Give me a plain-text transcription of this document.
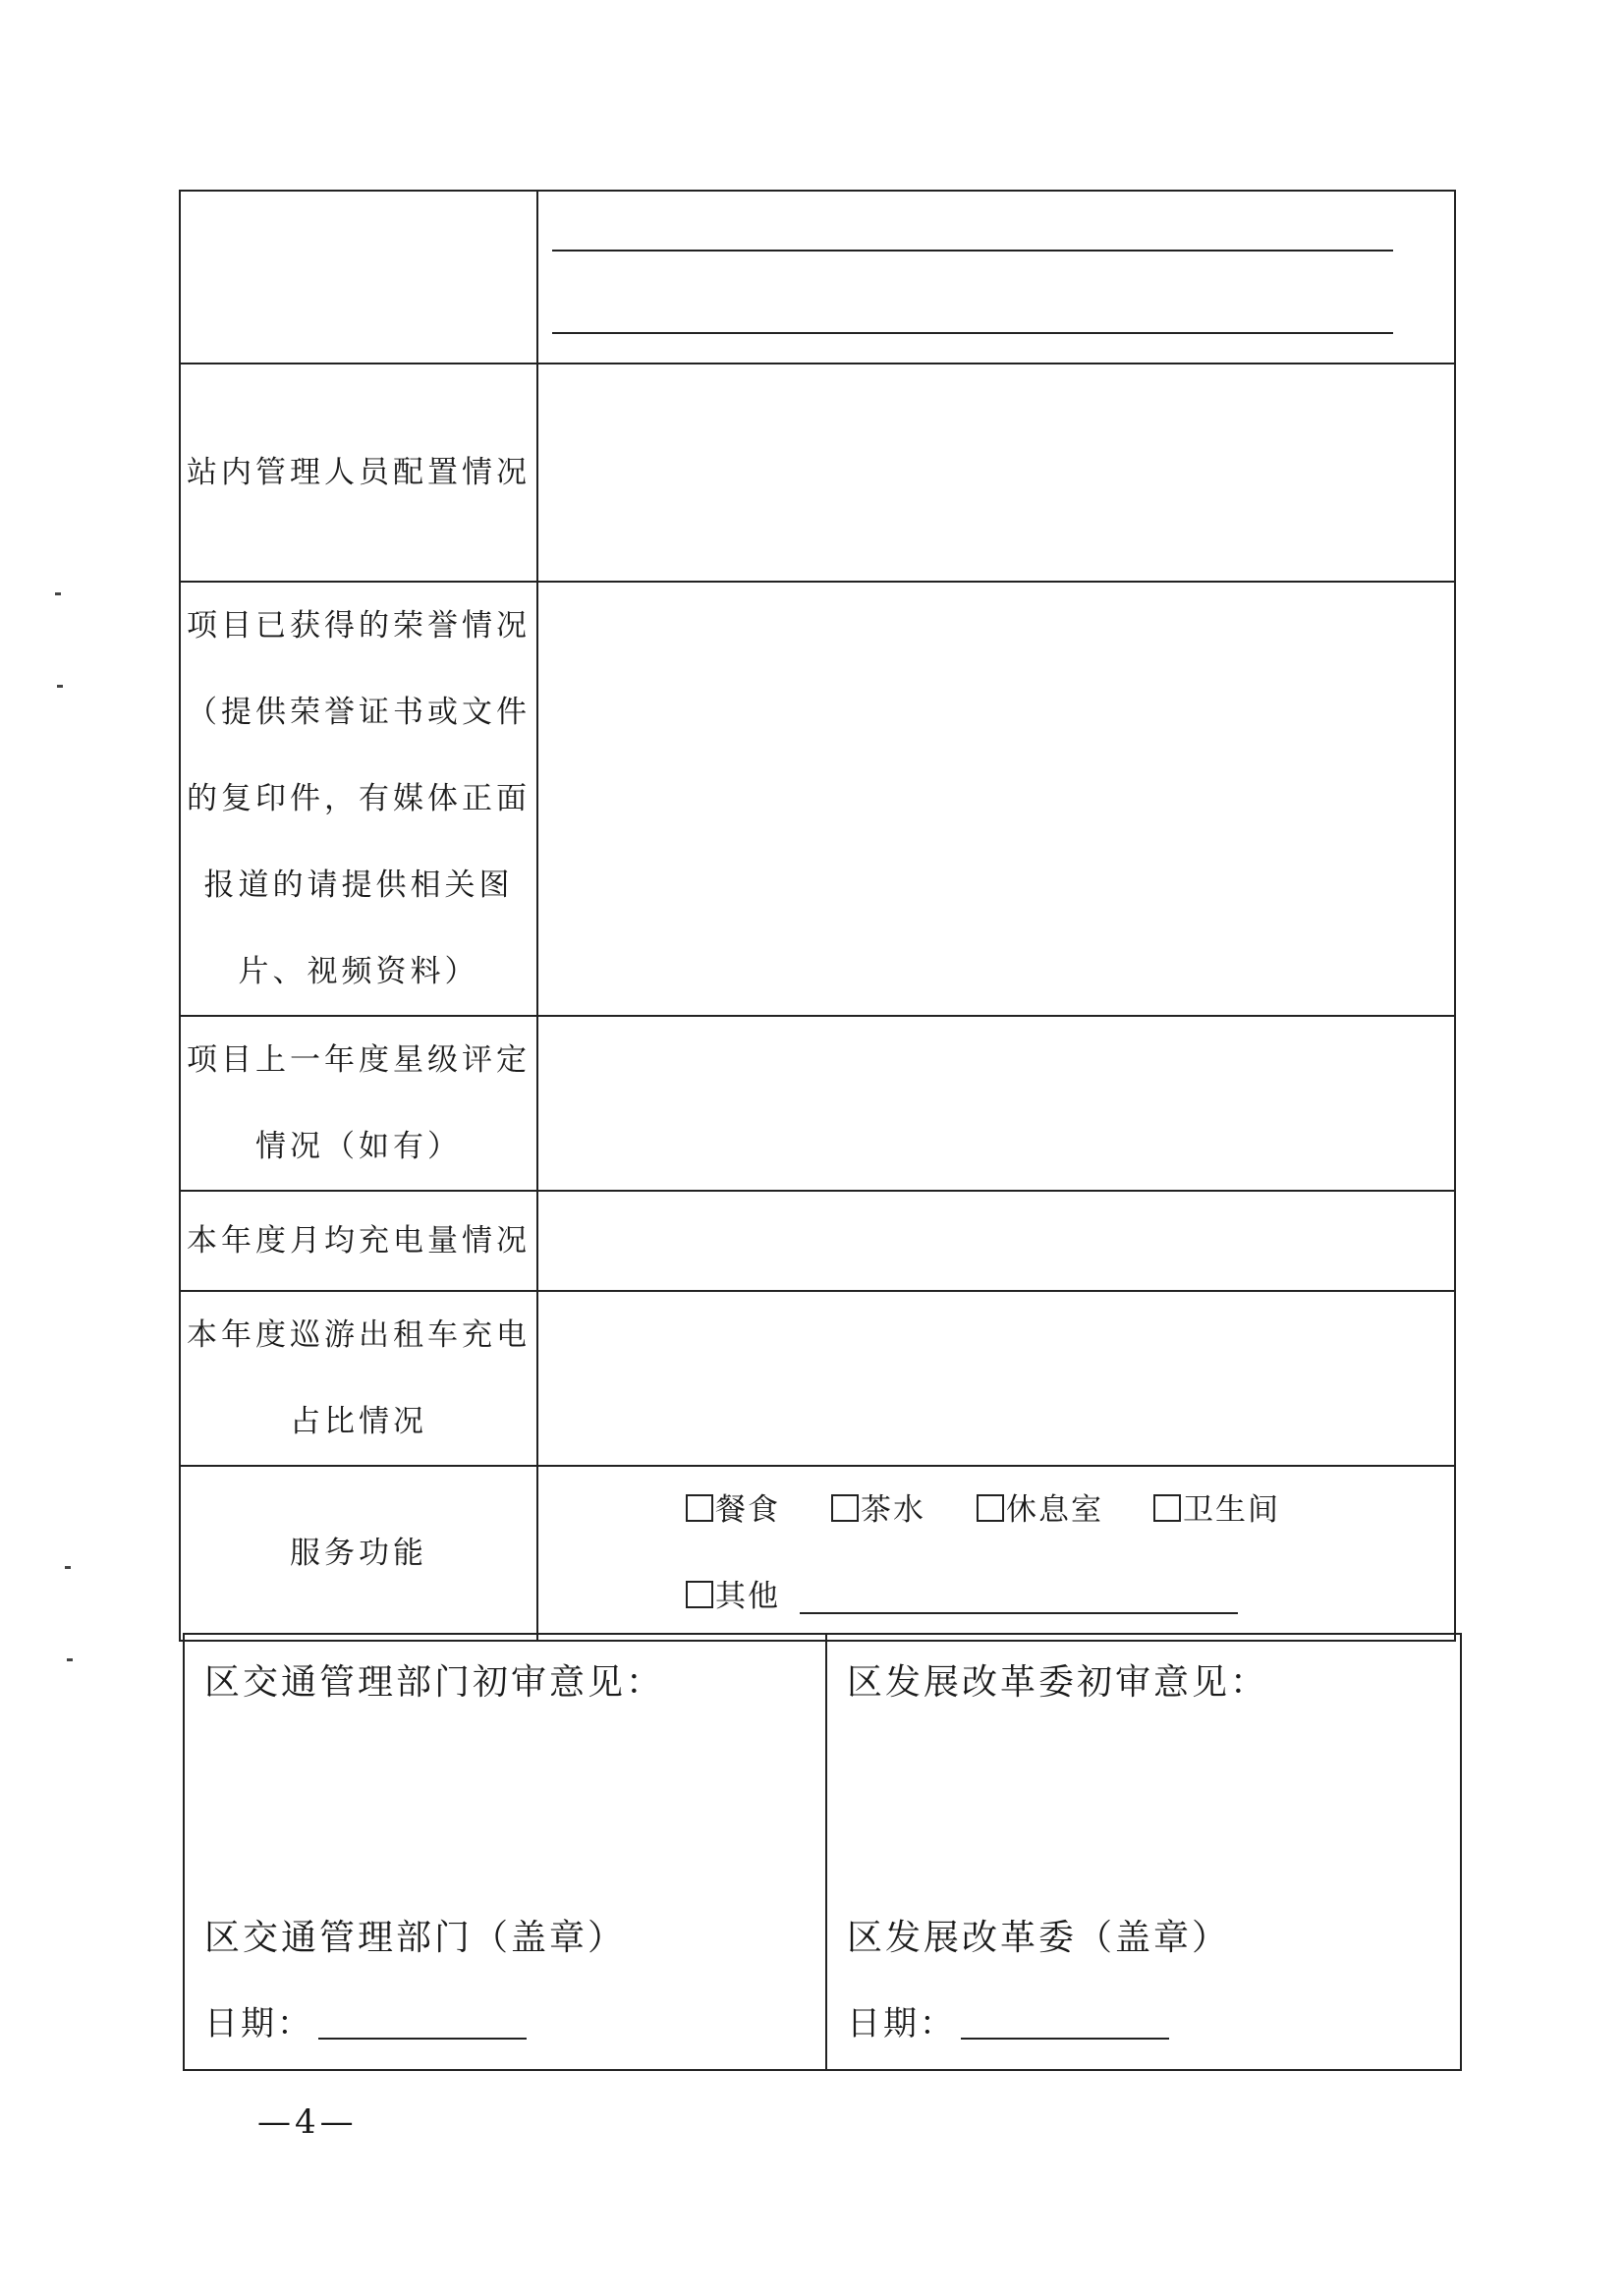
站内管理人员配置情况	

项目已获得的荣誉情况
（提供荣誉证书或文件
的复印件，有媒体正面
报道的请提供相关图
片、视频资料）	

项目上一年度星级评定
情况（如有）	

本年度月均充电量情况	

本年度巡游出租车充电
占比情况	

服务功能	餐食 茶水 休息室 卫生间
其他
区交通管理部门初审意见：
区交通管理部门（盖章）
日期：

区发展改革委初审意见：
区发展改革委（盖章）
日期：
—4—
